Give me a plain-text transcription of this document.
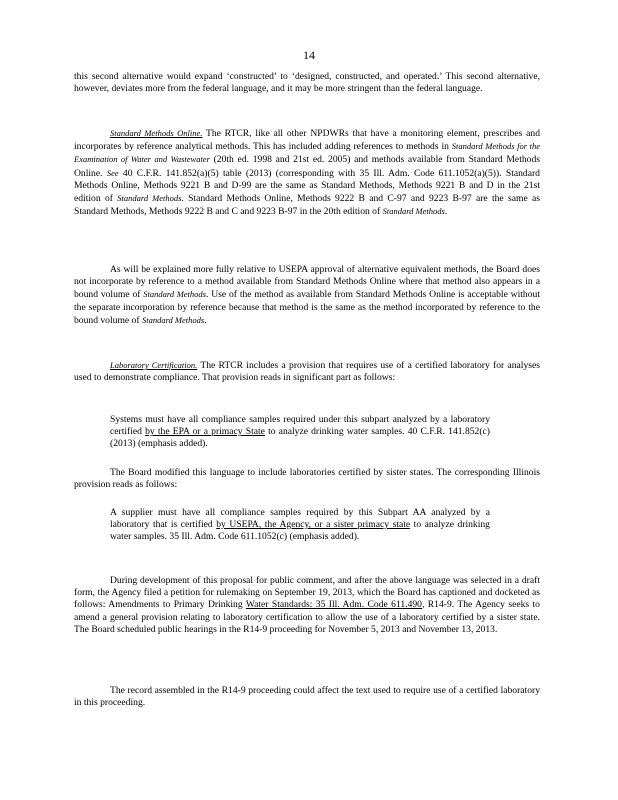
14
this second alternative would expand ‘constructed’ to ‘designed, constructed, and operated.’ This second alternative, however, deviates more from the federal language, and it may be more stringent than the federal language.
Standard Methods Online. The RTCR, like all other NPDWRs that have a monitoring element, prescribes and incorporates by reference analytical methods. This has included adding references to methods in Standard Methods for the Examination of Water and Wastewater (20th ed. 1998 and 21st ed. 2005) and methods available from Standard Methods Online. See 40 C.F.R. 141.852(a)(5) table (2013) (corresponding with 35 Ill. Adm. Code 611.1052(a)(5)). Standard Methods Online, Methods 9221 B and D-99 are the same as Standard Methods, Methods 9221 B and D in the 21st edition of Standard Methods. Standard Methods Online, Methods 9222 B and C-97 and 9223 B-97 are the same as Standard Methods, Methods 9222 B and C and 9223 B-97 in the 20th edition of Standard Methods.
As will be explained more fully relative to USEPA approval of alternative equivalent methods, the Board does not incorporate by reference to a method available from Standard Methods Online where that method also appears in a bound volume of Standard Methods. Use of the method as available from Standard Methods Online is acceptable without the separate incorporation by reference because that method is the same as the method incorporated by reference to the bound volume of Standard Methods.
Laboratory Certification. The RTCR includes a provision that requires use of a certified laboratory for analyses used to demonstrate compliance. That provision reads in significant part as follows:
Systems must have all compliance samples required under this subpart analyzed by a laboratory certified by the EPA or a primacy State to analyze drinking water samples. 40 C.F.R. 141.852(c) (2013) (emphasis added).
The Board modified this language to include laboratories certified by sister states. The corresponding Illinois provision reads as follows:
A supplier must have all compliance samples required by this Subpart AA analyzed by a laboratory that is certified by USEPA, the Agency, or a sister primacy state to analyze drinking water samples. 35 Ill. Adm. Code 611.1052(c) (emphasis added).
During development of this proposal for public comment, and after the above language was selected in a draft form, the Agency filed a petition for rulemaking on September 19, 2013, which the Board has captioned and docketed as follows: Amendments to Primary Drinking Water Standards: 35 Ill. Adm. Code 611.490, R14-9. The Agency seeks to amend a general provision relating to laboratory certification to allow the use of a laboratory certified by a sister state. The Board scheduled public hearings in the R14-9 proceeding for November 5, 2013 and November 13, 2013.
The record assembled in the R14-9 proceeding could affect the text used to require use of a certified laboratory in this proceeding.
